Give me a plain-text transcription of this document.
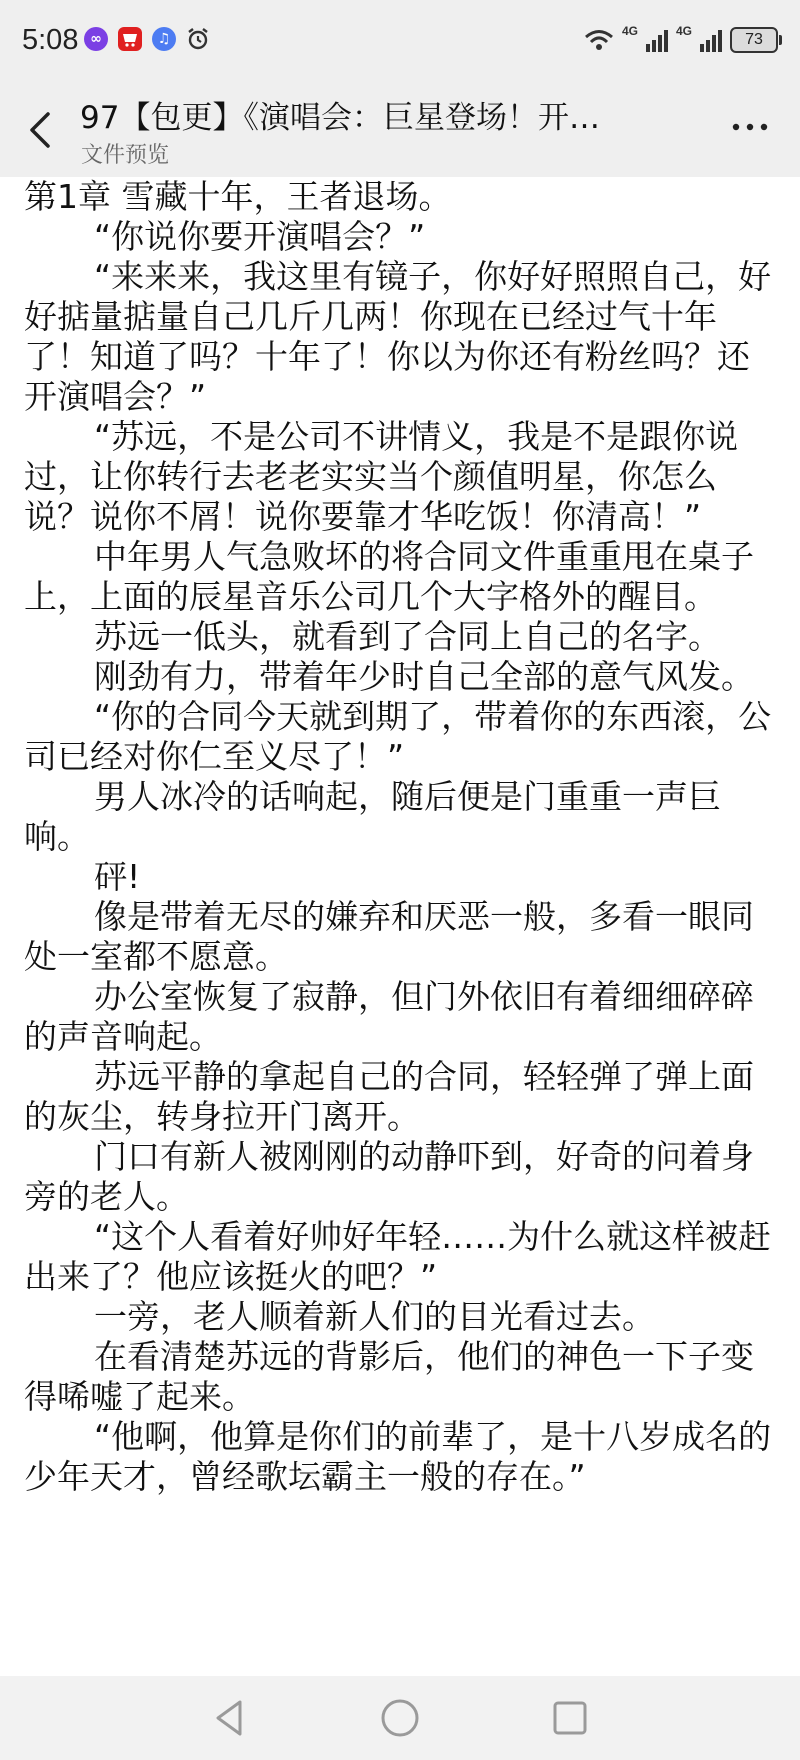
5:08 ∞	♫	4G	4G	73
97【包更】《演唱会：巨星登场！开…
文件预览

第1章 雪藏十年，王者退场。

“你说你要开演唱会？”

“来来来，我这里有镜子，你好好照照自己，好好掂量掂量自己几斤几两！你现在已经过气十年了！知道了吗？十年了！你以为你还有粉丝吗？还开演唱会？”

“苏远，不是公司不讲情义，我是不是跟你说过，让你转行去老老实实当个颜值明星，你怎么说？说你不屑！说你要靠才华吃饭！你清高！”

中年男人气急败坏的将合同文件重重甩在桌子上，上面的辰星音乐公司几个大字格外的醒目。

苏远一低头，就看到了合同上自己的名字。

刚劲有力，带着年少时自己全部的意气风发。

“你的合同今天就到期了，带着你的东西滚，公司已经对你仁至义尽了！”

男人冰冷的话响起，随后便是门重重一声巨响。

砰!

像是带着无尽的嫌弃和厌恶一般，多看一眼同处一室都不愿意。

办公室恢复了寂静，但门外依旧有着细细碎碎的声音响起。

苏远平静的拿起自己的合同，轻轻弹了弹上面的灰尘，转身拉开门离开。

门口有新人被刚刚的动静吓到，好奇的问着身旁的老人。

“这个人看着好帅好年轻……为什么就这样被赶出来了？他应该挺火的吧？”

一旁，老人顺着新人们的目光看过去。

在看清楚苏远的背影后，他们的神色一下子变得唏嘘了起来。

“他啊，他算是你们的前辈了，是十八岁成名的少年天才，曾经歌坛霸主一般的存在。”
